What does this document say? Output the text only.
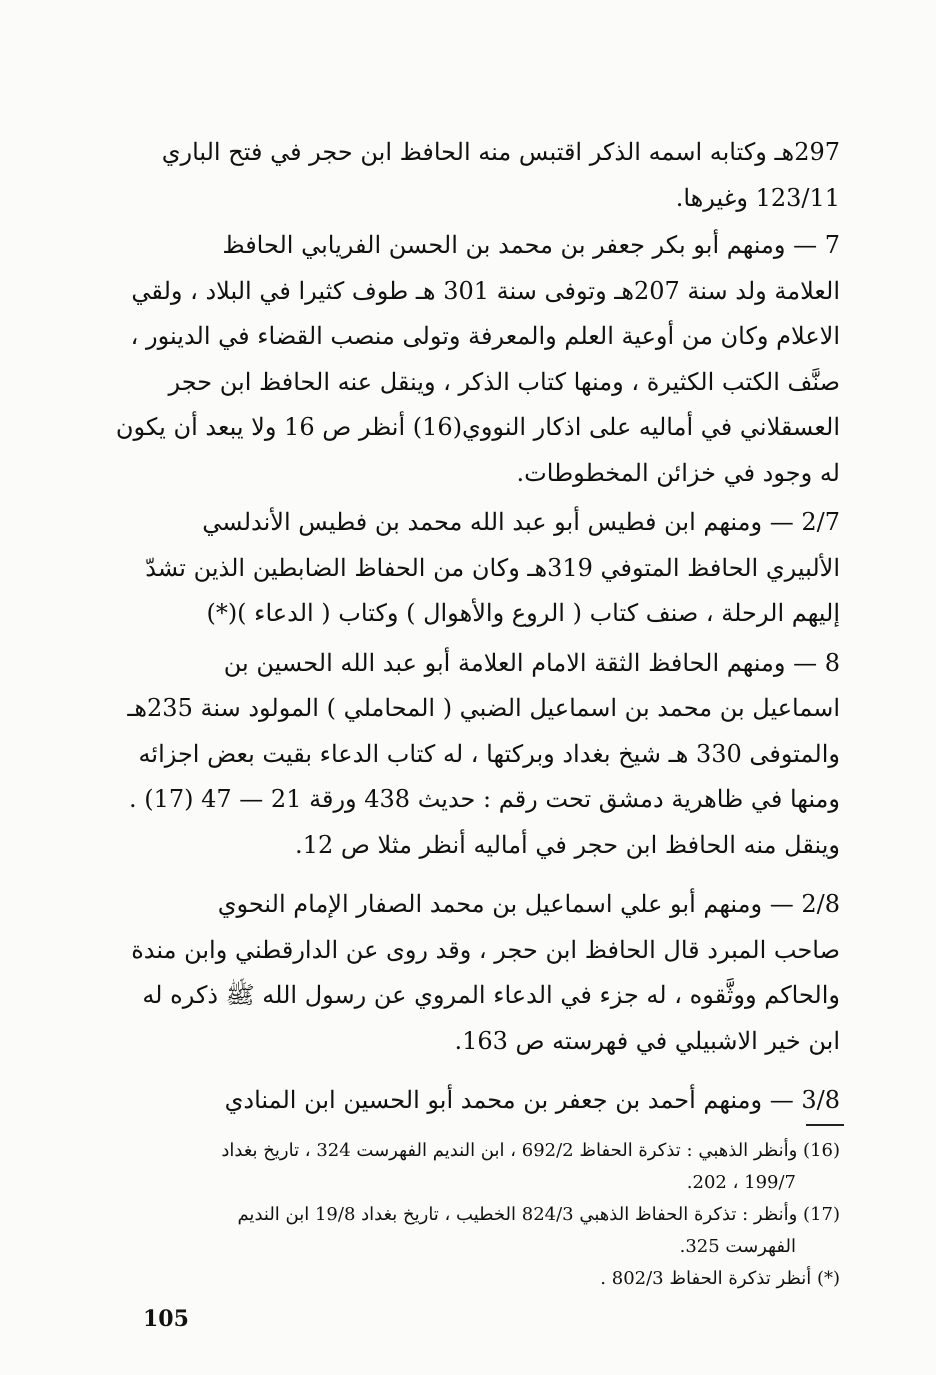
297هـ وكتابه اسمه الذكر اقتبس منه الحافظ ابن حجر في فتح الباري
123/11 وغيرها.
7 — ومنهم أبو بكر جعفر بن محمد بن الحسن الفريابي الحافظ
العلامة ولد سنة 207هـ وتوفى سنة 301 هـ طوف كثيرا في البلاد ، ولقي
الاعلام وكان من أوعية العلم والمعرفة وتولى منصب القضاء في الدينور ،
صنَّف الكتب الكثيرة ، ومنها كتاب الذكر ، وينقل عنه الحافظ ابن حجر
العسقلاني في أماليه على اذكار النووي(16) أنظر ص 16 ولا يبعد أن يكون
له وجود في خزائن المخطوطات.
2/7 — ومنهم ابن فطيس أبو عبد الله محمد بن فطيس الأندلسي
الألبيري الحافظ المتوفي 319هـ وكان من الحفاظ الضابطين الذين تشدّ
إليهم الرحلة ، صنف كتاب ( الروع والأهوال ) وكتاب ( الدعاء )(*)
8 — ومنهم الحافظ الثقة الامام العلامة أبو عبد الله الحسين بن
اسماعيل بن محمد بن اسماعيل الضبي ( المحاملي ) المولود سنة 235هـ
والمتوفى 330 هـ شيخ بغداد وبركتها ، له كتاب الدعاء بقيت بعض اجزائه
ومنها في ظاهرية دمشق تحت رقم : حديث 438 ورقة 21 — 47 (17) .
وينقل منه الحافظ ابن حجر في أماليه أنظر مثلا ص 12.
2/8 — ومنهم أبو علي اسماعيل بن محمد الصفار الإمام النحوي
صاحب المبرد قال الحافظ ابن حجر ، وقد روى عن الدارقطني وابن مندة
والحاكم ووثَّقوه ، له جزء في الدعاء المروي عن رسول الله ﷺ ذكره له
ابن خير الاشبيلي في فهرسته ص 163.
3/8 — ومنهم أحمد بن جعفر بن محمد أبو الحسين ابن المنادي
(16) وأنظر الذهبي : تذكرة الحفاظ 692/2 ، ابن النديم الفهرست 324 ، تاريخ بغداد
199/7 ، 202.
(17) وأنظر : تذكرة الحفاظ الذهبي 824/3 الخطيب ، تاريخ بغداد 19/8 ابن النديم
الفهرست 325.
(*) أنظر تذكرة الحفاظ 802/3 .
105
